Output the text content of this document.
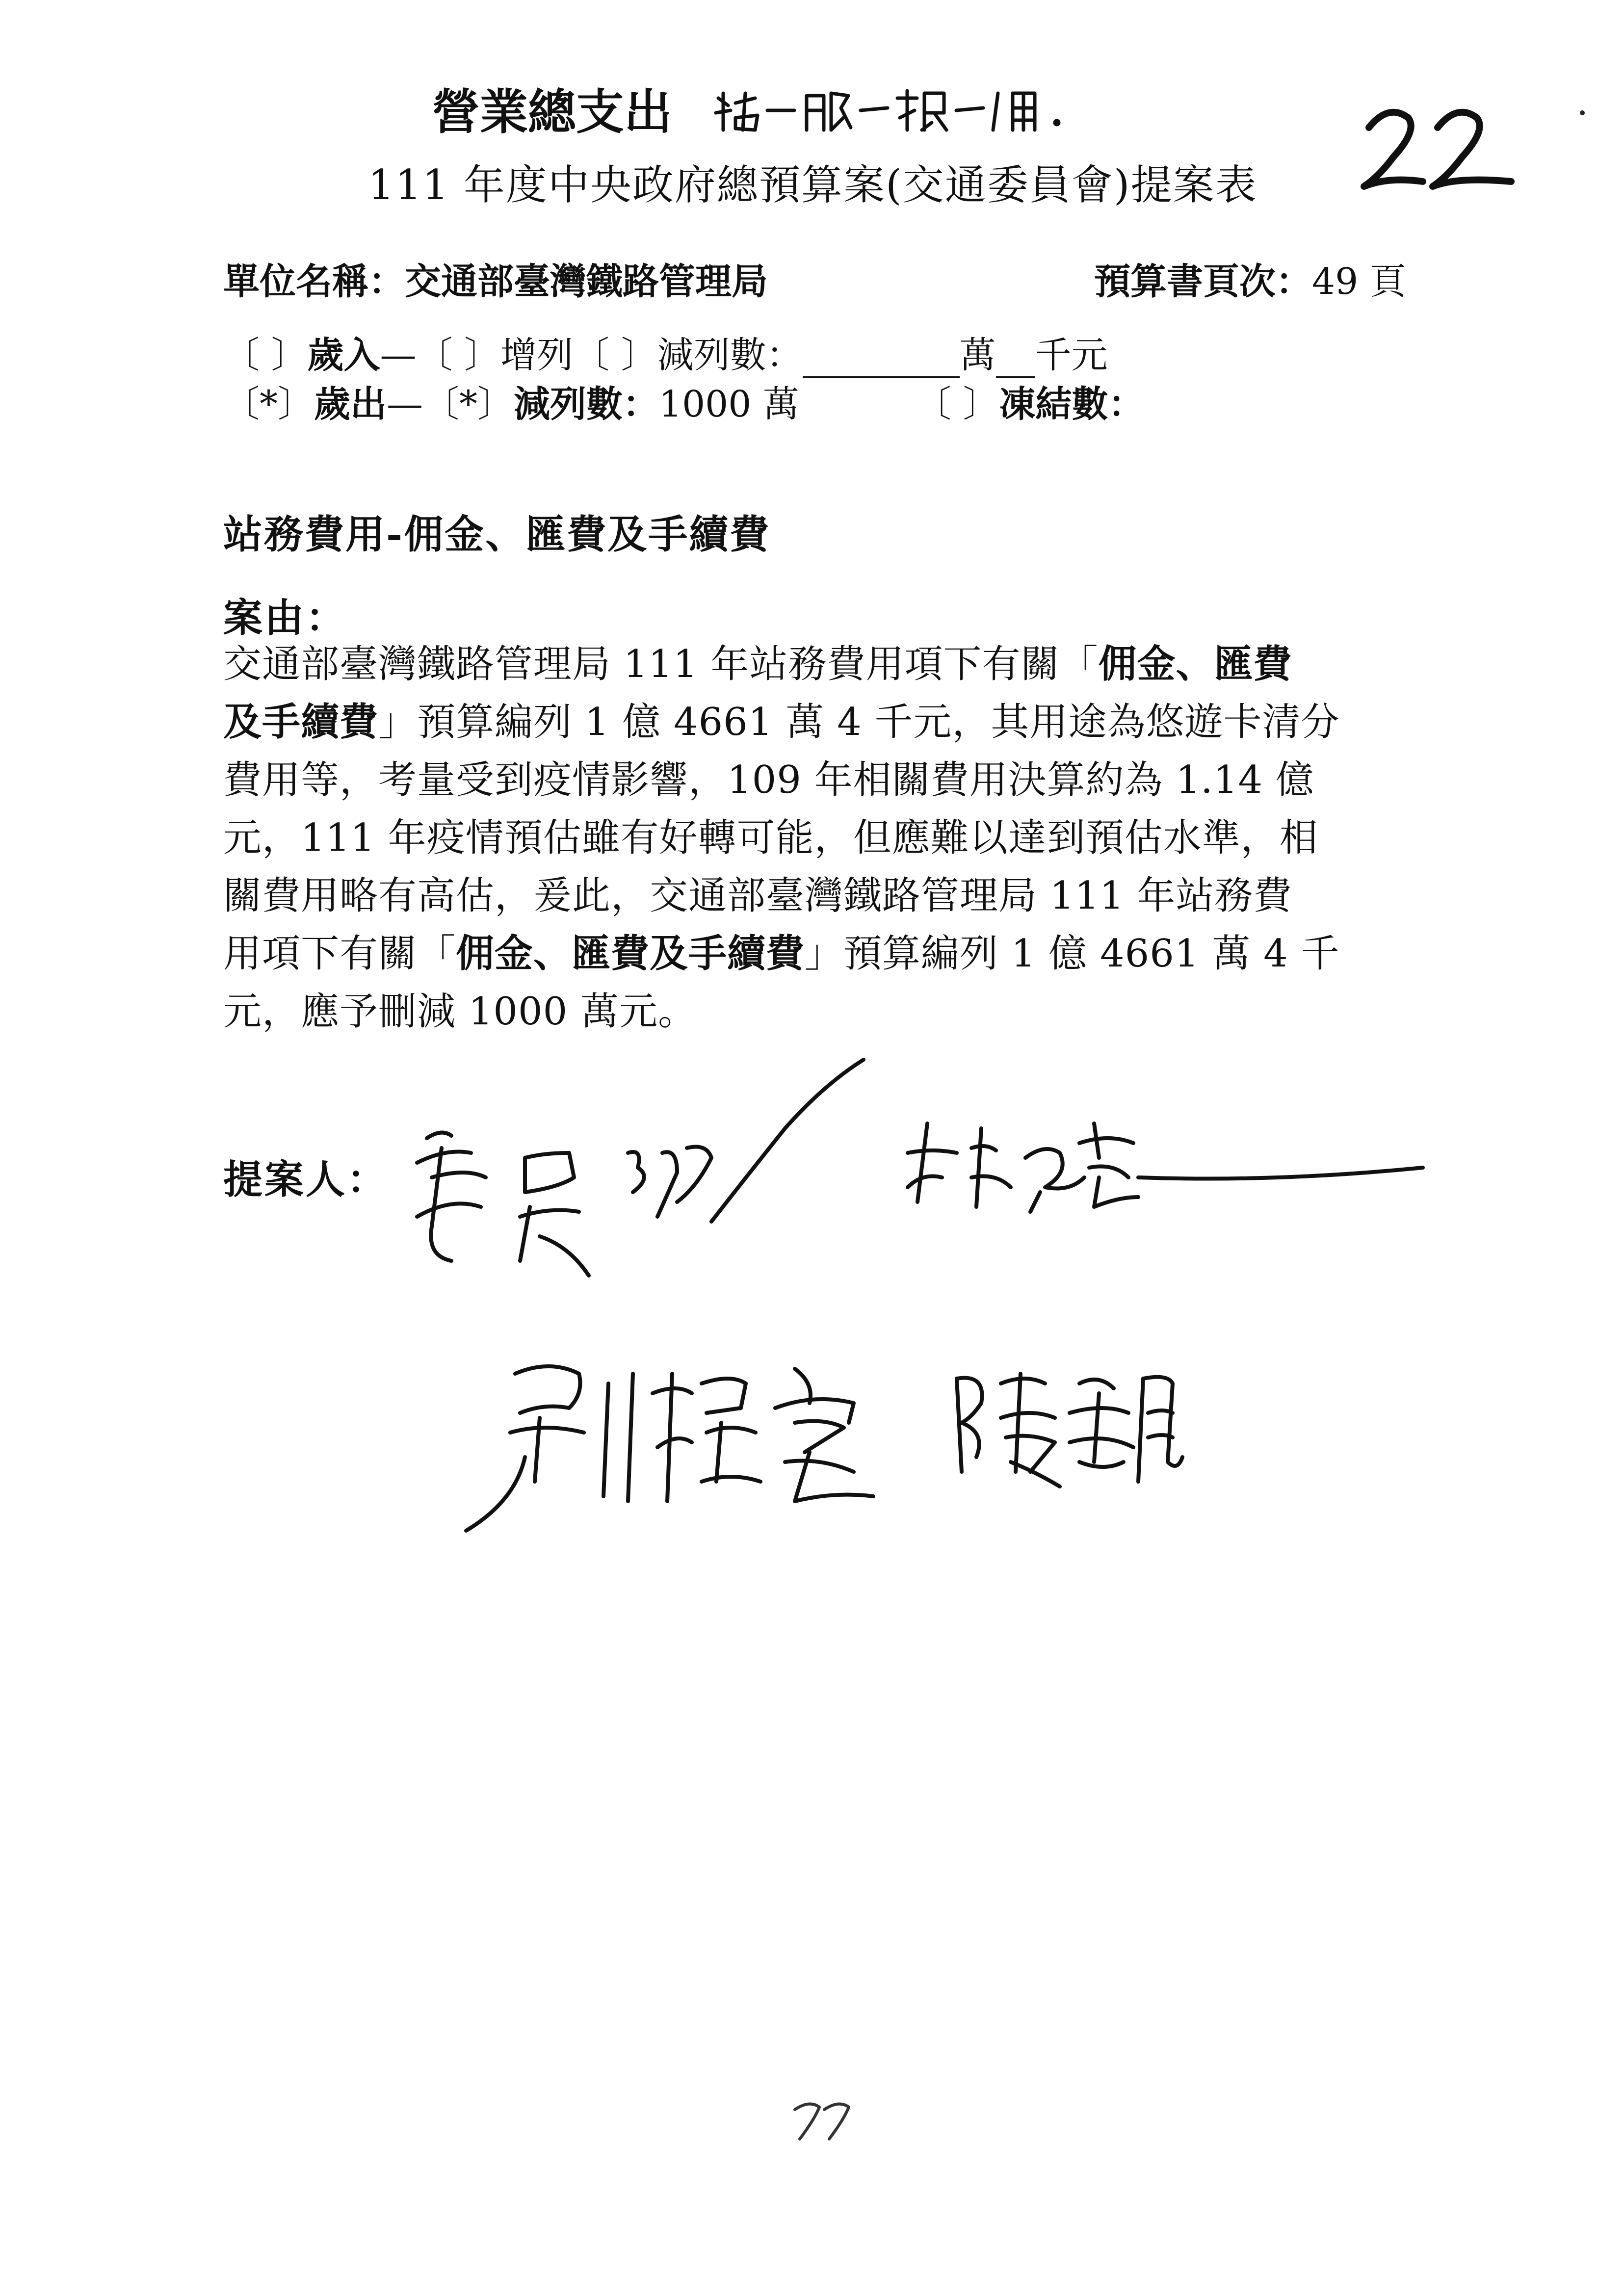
營業總支出
111 年度中央政府總預算案(交通委員會)提案表
單位名稱：交通部臺灣鐵路管理局	預算書頁次：49 頁
〔 〕歲入—〔 〕增列〔 〕減列數：	萬 千元
〔*〕歲出—〔*〕減列數：1000 萬	〔 〕凍結數：
站務費用-佣金、匯費及手續費
案由：
交通部臺灣鐵路管理局 111 年站務費用項下有關「佣金、匯費
及手續費」預算編列 1 億 4661 萬 4 千元，其用途為悠遊卡清分
費用等，考量受到疫情影響，109 年相關費用決算約為 1.14 億
元，111 年疫情預估雖有好轉可能，但應難以達到預估水準，相
關費用略有高估，爰此，交通部臺灣鐵路管理局 111 年站務費
用項下有關「佣金、匯費及手續費」預算編列 1 億 4661 萬 4 千
元，應予刪減 1000 萬元。
提案人：
